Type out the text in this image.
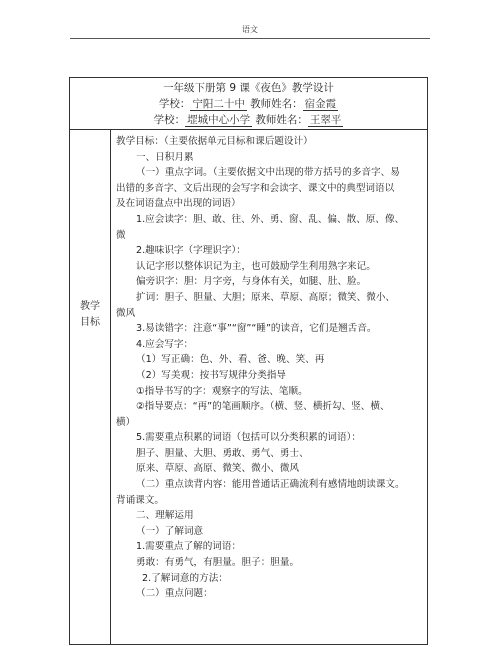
语文
一年级下册第 9 课《夜色》教学设计
学校： 宁阳二十中 教师姓名： 宿金霞
学校： 堽城中心小学 教师姓名： 王翠平
教学
目标

教学目标：（主要依据单元目标和课后题设计）

一、日积月累

（一）重点字词。（主要依据文中出现的带方括号的多音字、易

出错的多音字、文后出现的会写字和会读字、课文中的典型词语以

及在词语盘点中出现的词语）

1.应会读字：胆、敢、往、外、勇、窗、乱、偏、散、原、像、

微

2.趣味识字（字理识字）：

认记字形以整体识记为主，也可鼓励学生利用熟字来记。

偏旁识字：胆：月字旁，与身体有关，如腿、肚、脸。

扩词：胆子、胆量、大胆；原来、草原、高原；微笑、微小、

微风

3.易读错字：注意“事”“窗”“睡”的读音，它们是翘舌音。

4.应会写字：

（1）写正确：色、外、看、爸、晚、笑、再

（2）写美观：按书写规律分类指导

①指导书写的字：观察字的写法、笔顺。

②指导要点：“再”的笔画顺序。（横、竖、横折勾、竖、横、

横）

5.需要重点积累的词语（包括可以分类积累的词语）：

胆子、胆量、大胆、勇敢、勇气、勇士、

原来、草原、高原、微笑、微小、微风

（二）重点读背内容：能用普通话正确流利有感情地朗读课文。

背诵课文。

二、理解运用

（一）了解词意

1.需要重点了解的词语：

勇敢：有勇气，有胆量。胆子：胆量。

2.了解词意的方法：

（二）重点问题：
